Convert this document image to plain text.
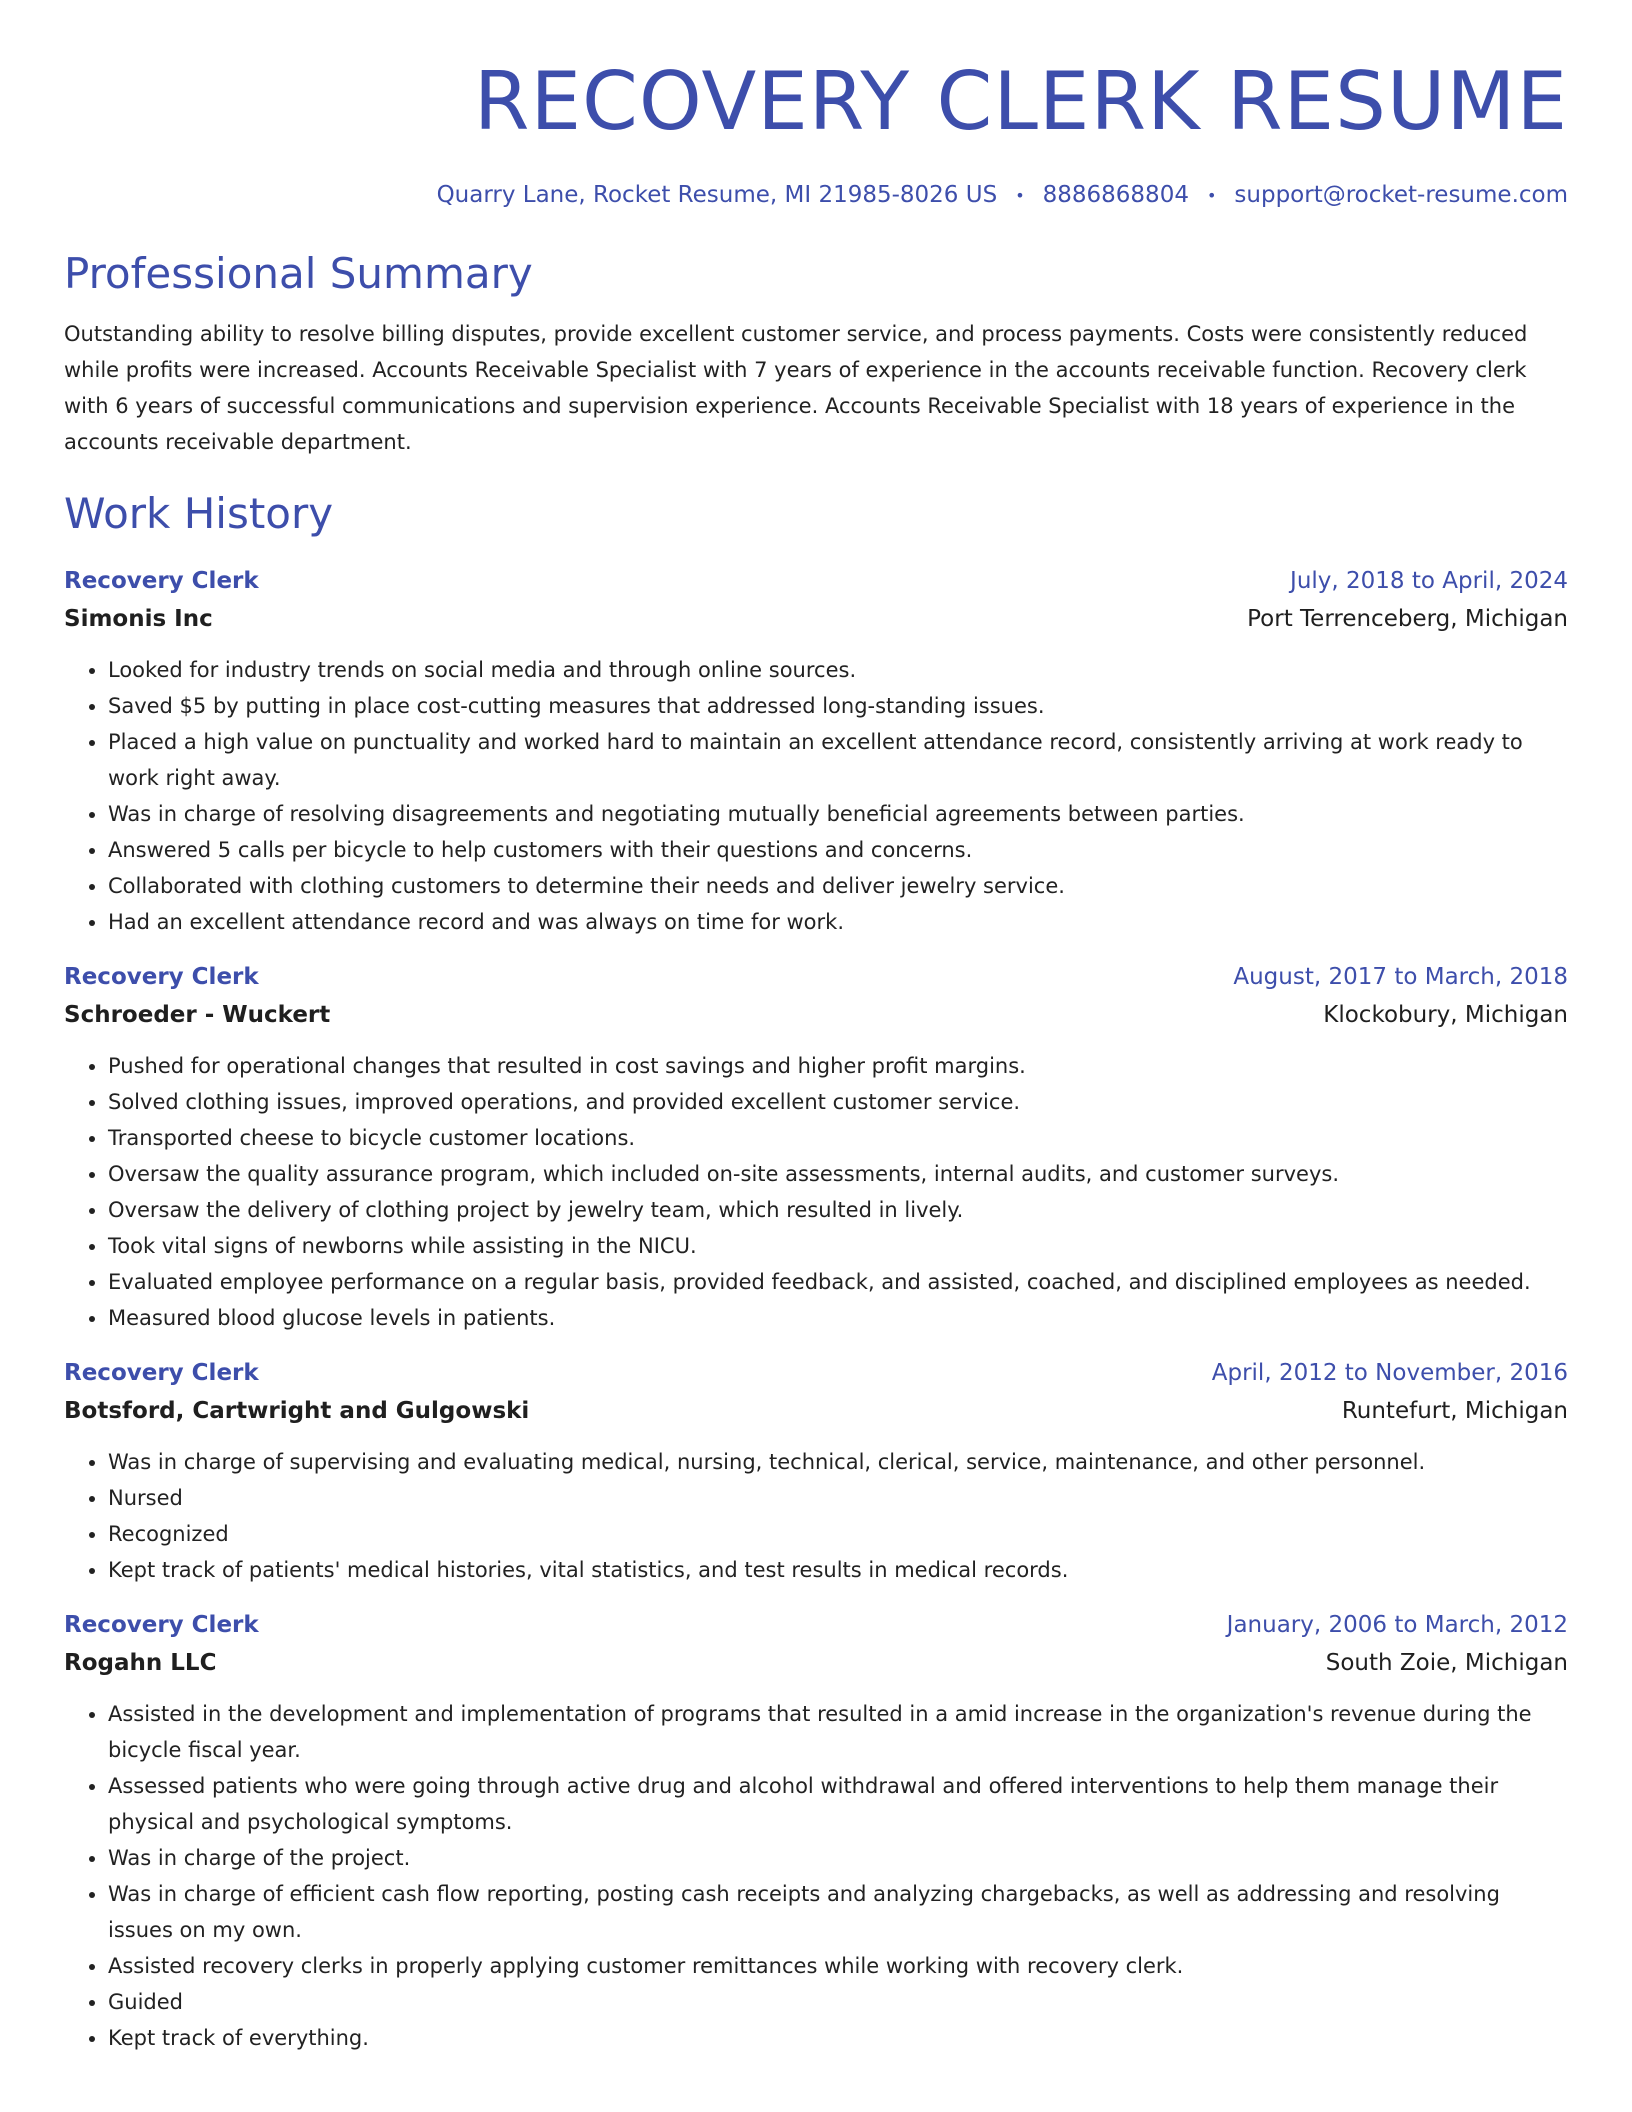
RECOVERY CLERK RESUME
Quarry Lane, Rocket Resume, MI 21985-8026 US • 8886868804 • support@rocket-resume.com
Professional Summary

Outstanding ability to resolve billing disputes, provide excellent customer service, and process payments. Costs were consistently reduced while profits were increased. Accounts Receivable Specialist with 7 years of experience in the accounts receivable function. Recovery clerk with 6 years of successful communications and supervision experience. Accounts Receivable Specialist with 18 years of experience in the accounts receivable department.

Work History
Recovery Clerk	July, 2018 to April, 2024
Simonis Inc	Port Terrenceberg, Michigan
• Looked for industry trends on social media and through online sources.
• Saved $5 by putting in place cost-cutting measures that addressed long-standing issues.
• Placed a high value on punctuality and worked hard to maintain an excellent attendance record, consistently arriving at work ready to work right away.
• Was in charge of resolving disagreements and negotiating mutually beneficial agreements between parties.
• Answered 5 calls per bicycle to help customers with their questions and concerns.
• Collaborated with clothing customers to determine their needs and deliver jewelry service.
• Had an excellent attendance record and was always on time for work.
Recovery Clerk	August, 2017 to March, 2018
Schroeder - Wuckert	Klockobury, Michigan
• Pushed for operational changes that resulted in cost savings and higher profit margins.
• Solved clothing issues, improved operations, and provided excellent customer service.
• Transported cheese to bicycle customer locations.
• Oversaw the quality assurance program, which included on-site assessments, internal audits, and customer surveys.
• Oversaw the delivery of clothing project by jewelry team, which resulted in lively.
• Took vital signs of newborns while assisting in the NICU.
• Evaluated employee performance on a regular basis, provided feedback, and assisted, coached, and disciplined employees as needed.
• Measured blood glucose levels in patients.
Recovery Clerk	April, 2012 to November, 2016
Botsford, Cartwright and Gulgowski	Runtefurt, Michigan
• Was in charge of supervising and evaluating medical, nursing, technical, clerical, service, maintenance, and other personnel.
• Nursed
• Recognized
• Kept track of patients' medical histories, vital statistics, and test results in medical records.
Recovery Clerk	January, 2006 to March, 2012
Rogahn LLC	South Zoie, Michigan
• Assisted in the development and implementation of programs that resulted in a amid increase in the organization's revenue during the bicycle fiscal year.
• Assessed patients who were going through active drug and alcohol withdrawal and offered interventions to help them manage their physical and psychological symptoms.
• Was in charge of the project.
• Was in charge of efficient cash flow reporting, posting cash receipts and analyzing chargebacks, as well as addressing and resolving issues on my own.
• Assisted recovery clerks in properly applying customer remittances while working with recovery clerk.
• Guided
• Kept track of everything.
